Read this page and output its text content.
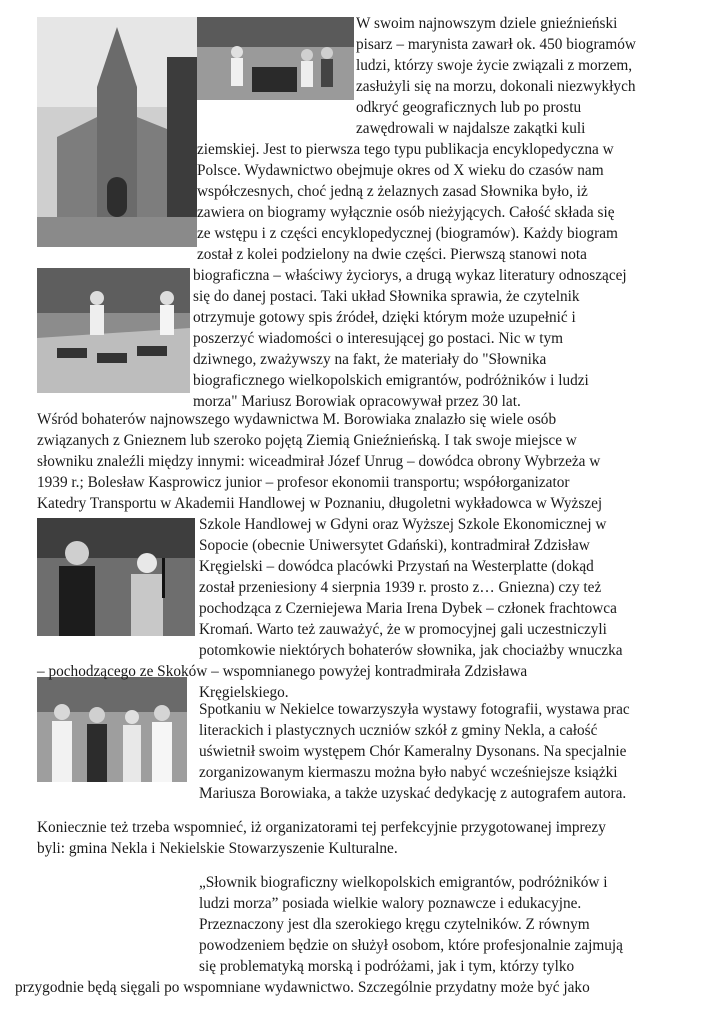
W swoim najnowszym dziele gnieźnieński
pisarz – marynista zawarł ok. 450 biogramów
ludzi, którzy swoje życie związali z morzem,
zasłużyli się na morzu, dokonali niezwykłych
odkryć geograficznych lub po prostu
zawędrowali w najdalsze zakątki kuli
ziemskiej. Jest to pierwsza tego typu publikacja encyklopedyczna w
Polsce. Wydawnictwo obejmuje okres od X wieku do czasów nam
współczesnych, choć jedną z żelaznych zasad Słownika było, iż
zawiera on biogramy wyłącznie osób nieżyjących. Całość składa się
ze wstępu i z części encyklopedycznej (biogramów). Każdy biogram
został z kolei podzielony na dwie części. Pierwszą stanowi nota
biograficzna – właściwy życiorys, a drugą wykaz literatury odnoszącej
się do danej postaci. Taki układ Słownika sprawia, że czytelnik
otrzymuje gotowy spis źródeł, dzięki którym może uzupełnić i
poszerzyć wiadomości o interesującej go postaci. Nic w tym
dziwnego, zważywszy na fakt, że materiały do "Słownika
biograficznego wielkopolskich emigrantów, podróżników i ludzi
morza" Mariusz Borowiak opracowywał przez 30 lat.
Wśród bohaterów najnowszego wydawnictwa M. Borowiaka znalazło się wiele osób
związanych z Gnieznem lub szeroko pojętą Ziemią Gnieźnieńską. I tak swoje miejsce w
słowniku znaleźli między innymi: wiceadmirał Józef Unrug – dowódca obrony Wybrzeża w
1939 r.; Bolesław Kasprowicz junior – profesor ekonomii transportu; współorganizator
Katedry Transportu w Akademii Handlowej w Poznaniu, długoletni wykładowca w Wyższej
Szkole Handlowej w Gdyni oraz Wyższej Szkole Ekonomicznej w
Sopocie (obecnie Uniwersytet Gdański), kontradmirał Zdzisław
Kręgielski – dowódca placówki Przystań na Westerplatte (dokąd
został przeniesiony 4 sierpnia 1939 r. prosto z… Gniezna) czy też
pochodząca z Czerniejewa Maria Irena Dybek – członek frachtowca
Kromań. Warto też zauważyć, że w promocyjnej gali uczestniczyli
potomkowie niektórych bohaterów słownika, jak chociażby wnuczka
– pochodzącego ze Skoków – wspomnianego powyżej kontradmirała Zdzisława
Kręgielskiego.
Spotkaniu w Nekielce towarzyszyła wystawy fotografii, wystawa prac
literackich i plastycznych uczniów szkół z gminy Nekla, a całość
uświetnił swoim występem Chór Kameralny Dysonans. Na specjalnie
zorganizowanym kiermaszu można było nabyć wcześniejsze książki
Mariusza Borowiaka, a także uzyskać dedykację z autografem autora.
Koniecznie też trzeba wspomnieć, iż organizatorami tej perfekcyjnie przygotowanej imprezy
byli: gmina Nekla i Nekielskie Stowarzyszenie Kulturalne.
„Słownik biograficzny wielkopolskich emigrantów, podróżników i
ludzi morza” posiada wielkie walory poznawcze i edukacyjne.
Przeznaczony jest dla szerokiego kręgu czytelników. Z równym
powodzeniem będzie on służył osobom, które profesjonalnie zajmują
się problematyką morską i podróżami, jak i tym, którzy tylko
przygodnie będą sięgali po wspomniane wydawnictwo. Szczególnie przydatny może być jako
